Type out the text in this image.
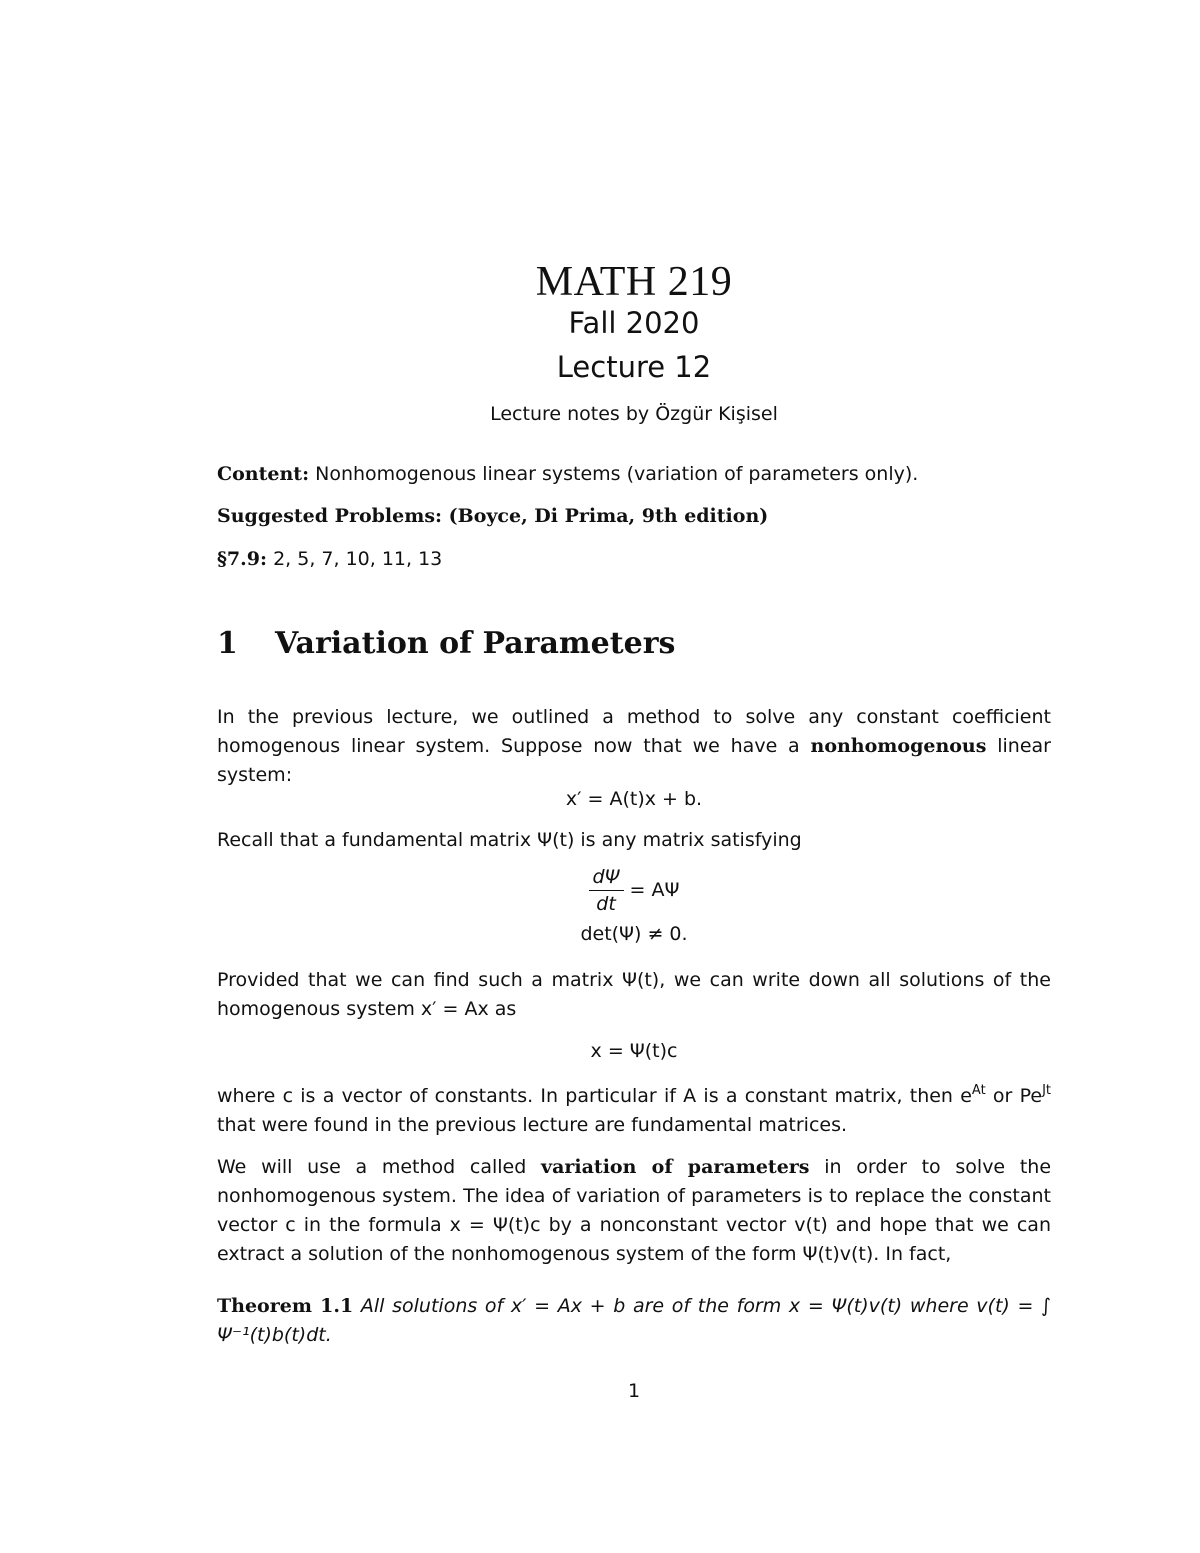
MATH 219
Fall 2020
Lecture 12
Lecture notes by Özgür Kişisel
Content: Nonhomogenous linear systems (variation of parameters only).
Suggested Problems: (Boyce, Di Prima, 9th edition)
§7.9: 2, 5, 7, 10, 11, 13
1 Variation of Parameters
In the previous lecture, we outlined a method to solve any constant coefficient homogenous linear system. Suppose now that we have a nonhomogenous linear system:
x′ = A(t)x + b.
Recall that a fundamental matrix Ψ(t) is any matrix satisfying
$\frac{d\Psi}{dt} = A\Psi$
det(Ψ) ≠ 0.
Provided that we can find such a matrix Ψ(t), we can write down all solutions of the homogenous system x′ = Ax as
x = Ψ(t)c
where c is a vector of constants. In particular if A is a constant matrix, then $e^{At}$ or $Pe^{Jt}$ that were found in the previous lecture are fundamental matrices.
We will use a method called variation of parameters in order to solve the nonhomogenous system. The idea of variation of parameters is to replace the constant vector c in the formula x = Ψ(t)c by a nonconstant vector v(t) and hope that we can extract a solution of the nonhomogenous system of the form Ψ(t)v(t). In fact,
Theorem 1.1 All solutions of x′ = Ax + b are of the form x = Ψ(t)v(t) where v(t) = ∫ Ψ⁻¹(t)b(t)dt.
1
